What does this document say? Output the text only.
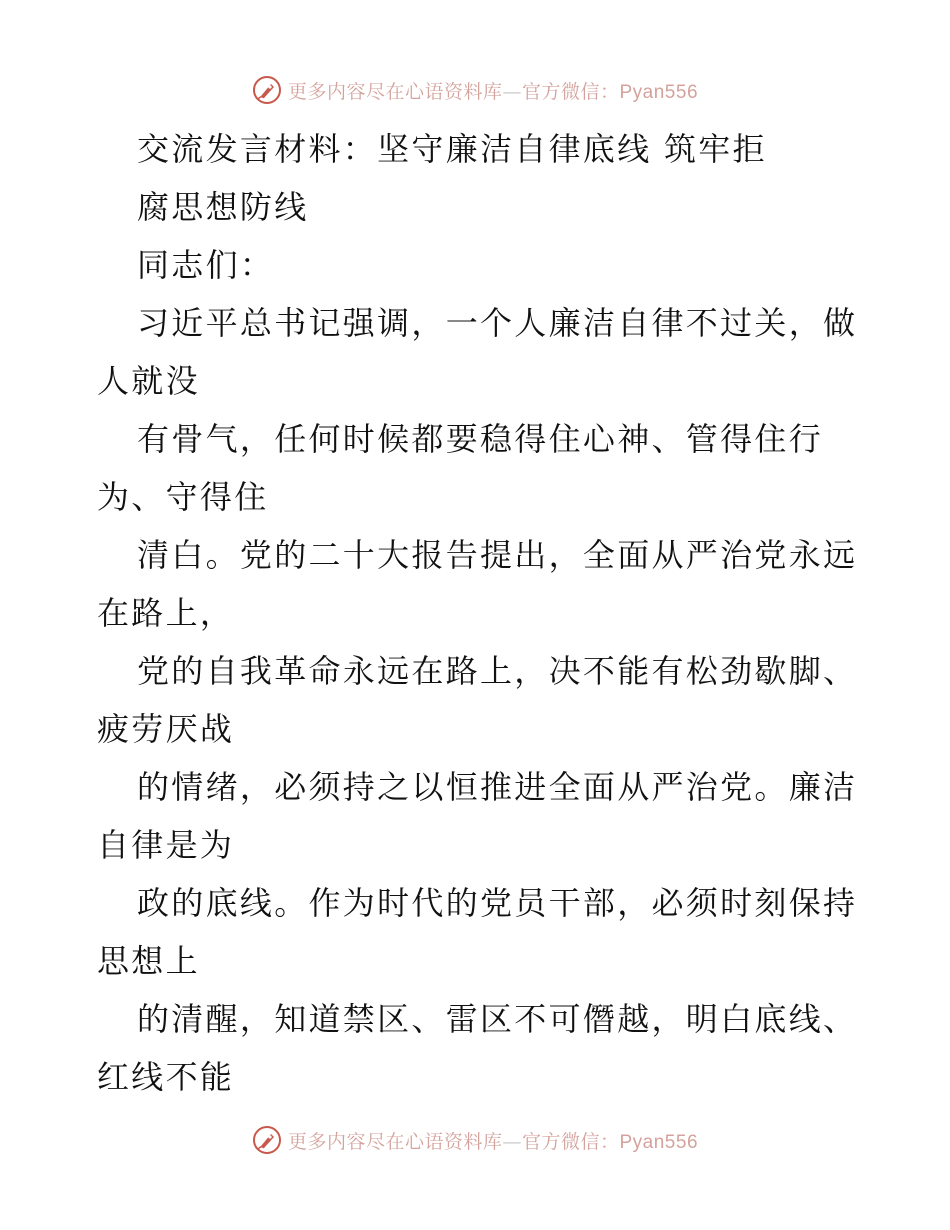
更多内容尽在心语资料库—官方微信：Pyan556
交流发言材料：坚守廉洁自律底线 筑牢拒
腐思想防线
同志们：
习近平总书记强调，一个人廉洁自律不过关，做
人就没
有骨气，任何时候都要稳得住心神、管得住行
为、守得住
清白。党的二十大报告提出，全面从严治党永远
在路上，
党的自我革命永远在路上，决不能有松劲歇脚、
疲劳厌战
的情绪，必须持之以恒推进全面从严治党。廉洁
自律是为
政的底线。作为时代的党员干部，必须时刻保持
思想上
的清醒，知道禁区、雷区不可僭越，明白底线、
红线不能
更多内容尽在心语资料库—官方微信：Pyan556
